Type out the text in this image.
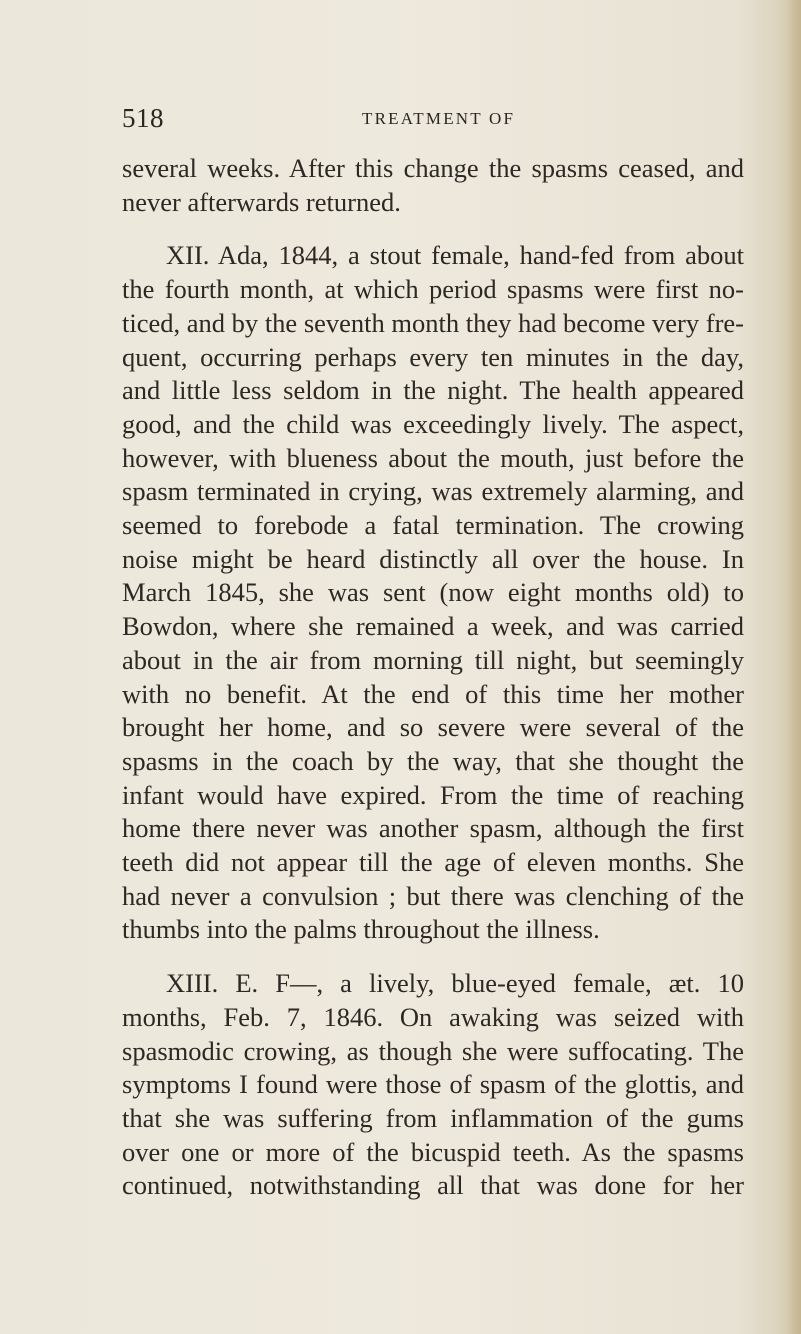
518	TREATMENT OF
several weeks. After this change the spasms ceased, and
never afterwards returned.
XII. Ada, 1844, a stout female, hand-fed from about
the fourth month, at which period spasms were first no-
ticed, and by the seventh month they had become very fre-
quent, occurring perhaps every ten minutes in the day,
and little less seldom in the night. The health appeared
good, and the child was exceedingly lively. The aspect,
however, with blueness about the mouth, just before the
spasm terminated in crying, was extremely alarming, and
seemed to forebode a fatal termination. The crowing
noise might be heard distinctly all over the house. In
March 1845, she was sent (now eight months old) to
Bowdon, where she remained a week, and was carried
about in the air from morning till night, but seemingly
with no benefit. At the end of this time her mother
brought her home, and so severe were several of the
spasms in the coach by the way, that she thought the
infant would have expired. From the time of reaching
home there never was another spasm, although the first
teeth did not appear till the age of eleven months. She
had never a convulsion ; but there was clenching of the
thumbs into the palms throughout the illness.
XIII. E. F—, a lively, blue-eyed female, æt. 10
months, Feb. 7, 1846. On awaking was seized with
spasmodic crowing, as though she were suffocating. The
symptoms I found were those of spasm of the glottis, and
that she was suffering from inflammation of the gums
over one or more of the bicuspid teeth. As the spasms
continued, notwithstanding all that was done for her
